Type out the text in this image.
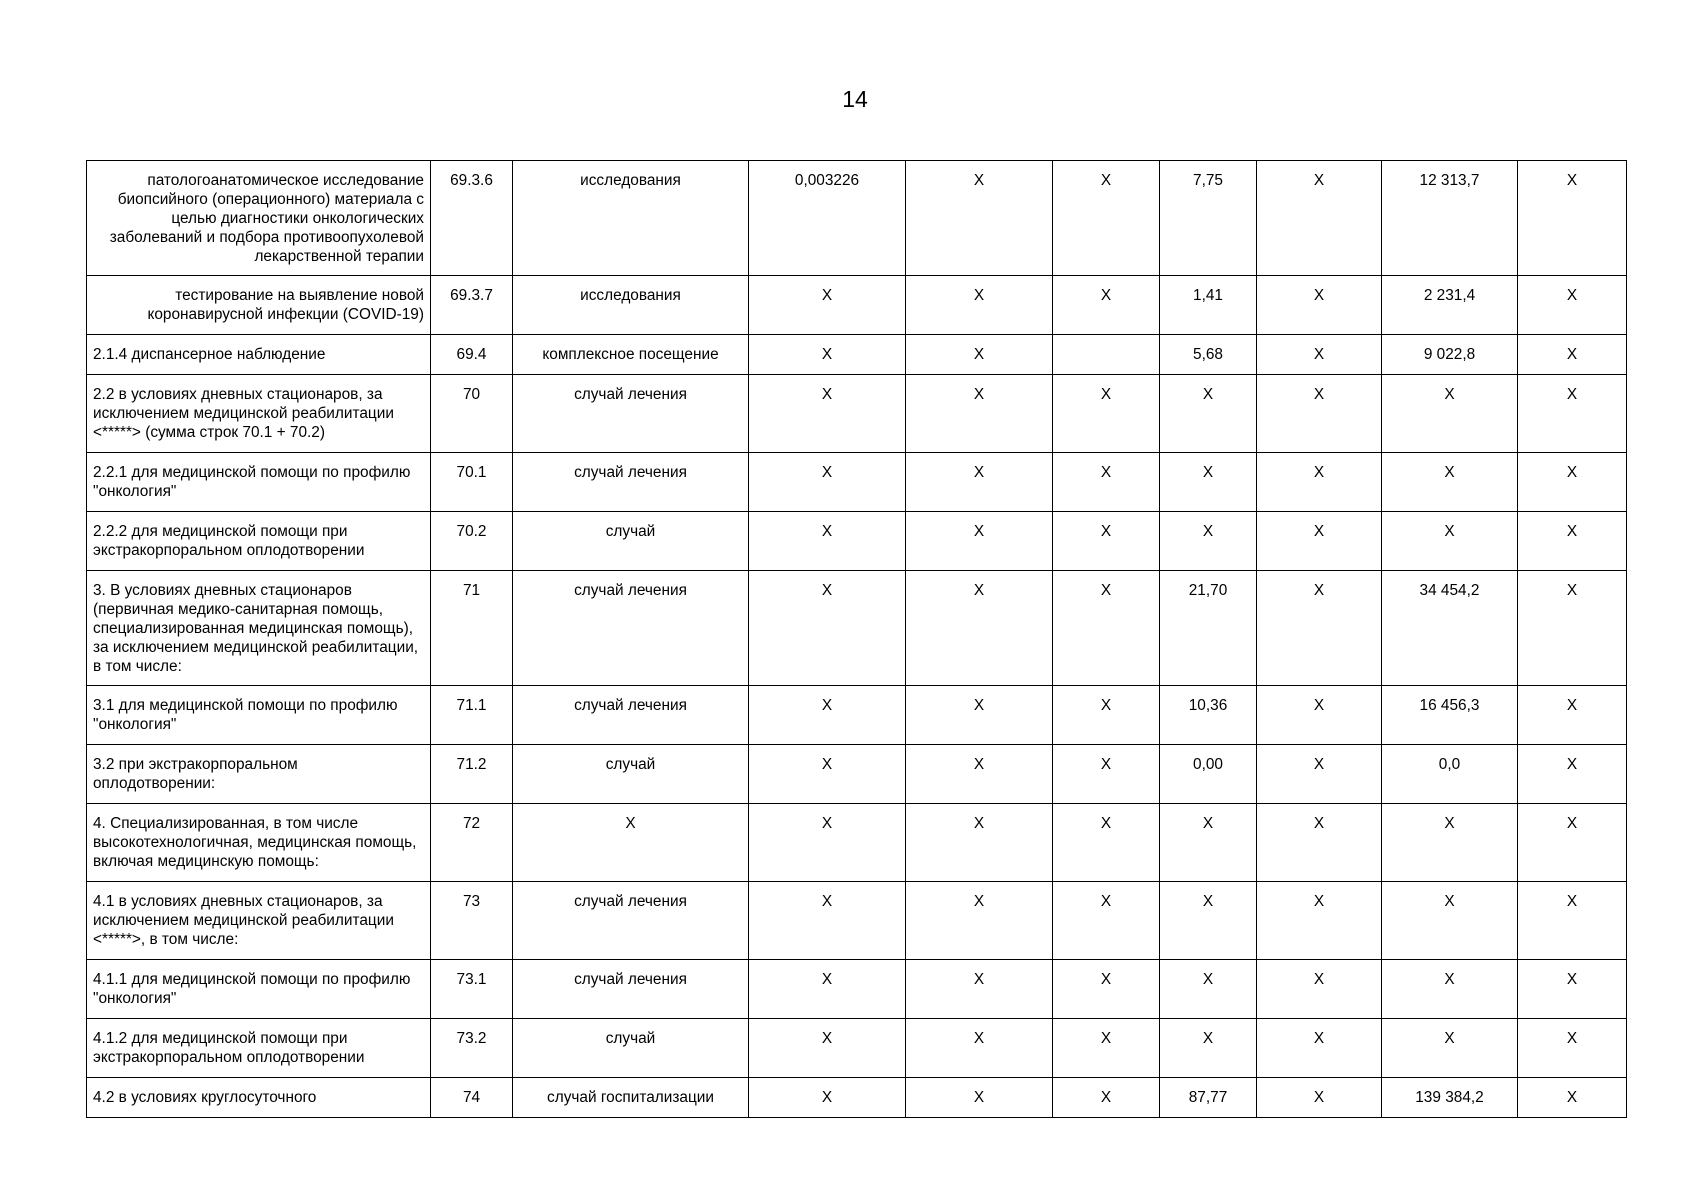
14
патологоанатомическое исследование биопсийного (операционного) материала с целью диагностики онкологических заболеваний и подбора противоопухолевой лекарственной терапии	69.3.6	исследования	0,003226	X	X	7,75	X	12 313,7	X
тестирование на выявление новой коронавирусной инфекции (COVID-19)	69.3.7	исследования	X	X	X	1,41	X	2 231,4	X
2.1.4 диспансерное наблюдение	69.4	комплексное посещение	X	X		5,68	X	9 022,8	X
2.2 в условиях дневных стационаров, за исключением медицинской реабилитации <*****> (сумма строк 70.1 + 70.2)	70	случай лечения	X	X	X	X	X	X	X
2.2.1 для медицинской помощи по профилю "онкология"	70.1	случай лечения	X	X	X	X	X	X	X
2.2.2 для медицинской помощи при экстракорпоральном оплодотворении	70.2	случай	X	X	X	X	X	X	X
3. В условиях дневных стационаров (первичная медико-санитарная помощь, специализированная медицинская помощь), за исключением медицинской реабилитации, в том числе:	71	случай лечения	X	X	X	21,70	X	34 454,2	X
3.1 для медицинской помощи по профилю "онкология"	71.1	случай лечения	X	X	X	10,36	X	16 456,3	X
3.2 при экстракорпоральном оплодотворении:	71.2	случай	X	X	X	0,00	X	0,0	X
4. Специализированная, в том числе высокотехнологичная, медицинская помощь, включая медицинскую помощь:	72	X	X	X	X	X	X	X	X
4.1 в условиях дневных стационаров, за исключением медицинской реабилитации <*****>, в том числе:	73	случай лечения	X	X	X	X	X	X	X
4.1.1 для медицинской помощи по профилю "онкология"	73.1	случай лечения	X	X	X	X	X	X	X
4.1.2 для медицинской помощи при экстракорпоральном оплодотворении	73.2	случай	X	X	X	X	X	X	X
4.2 в условиях круглосуточного	74	случай госпитализации	X	X	X	87,77	X	139 384,2	X
